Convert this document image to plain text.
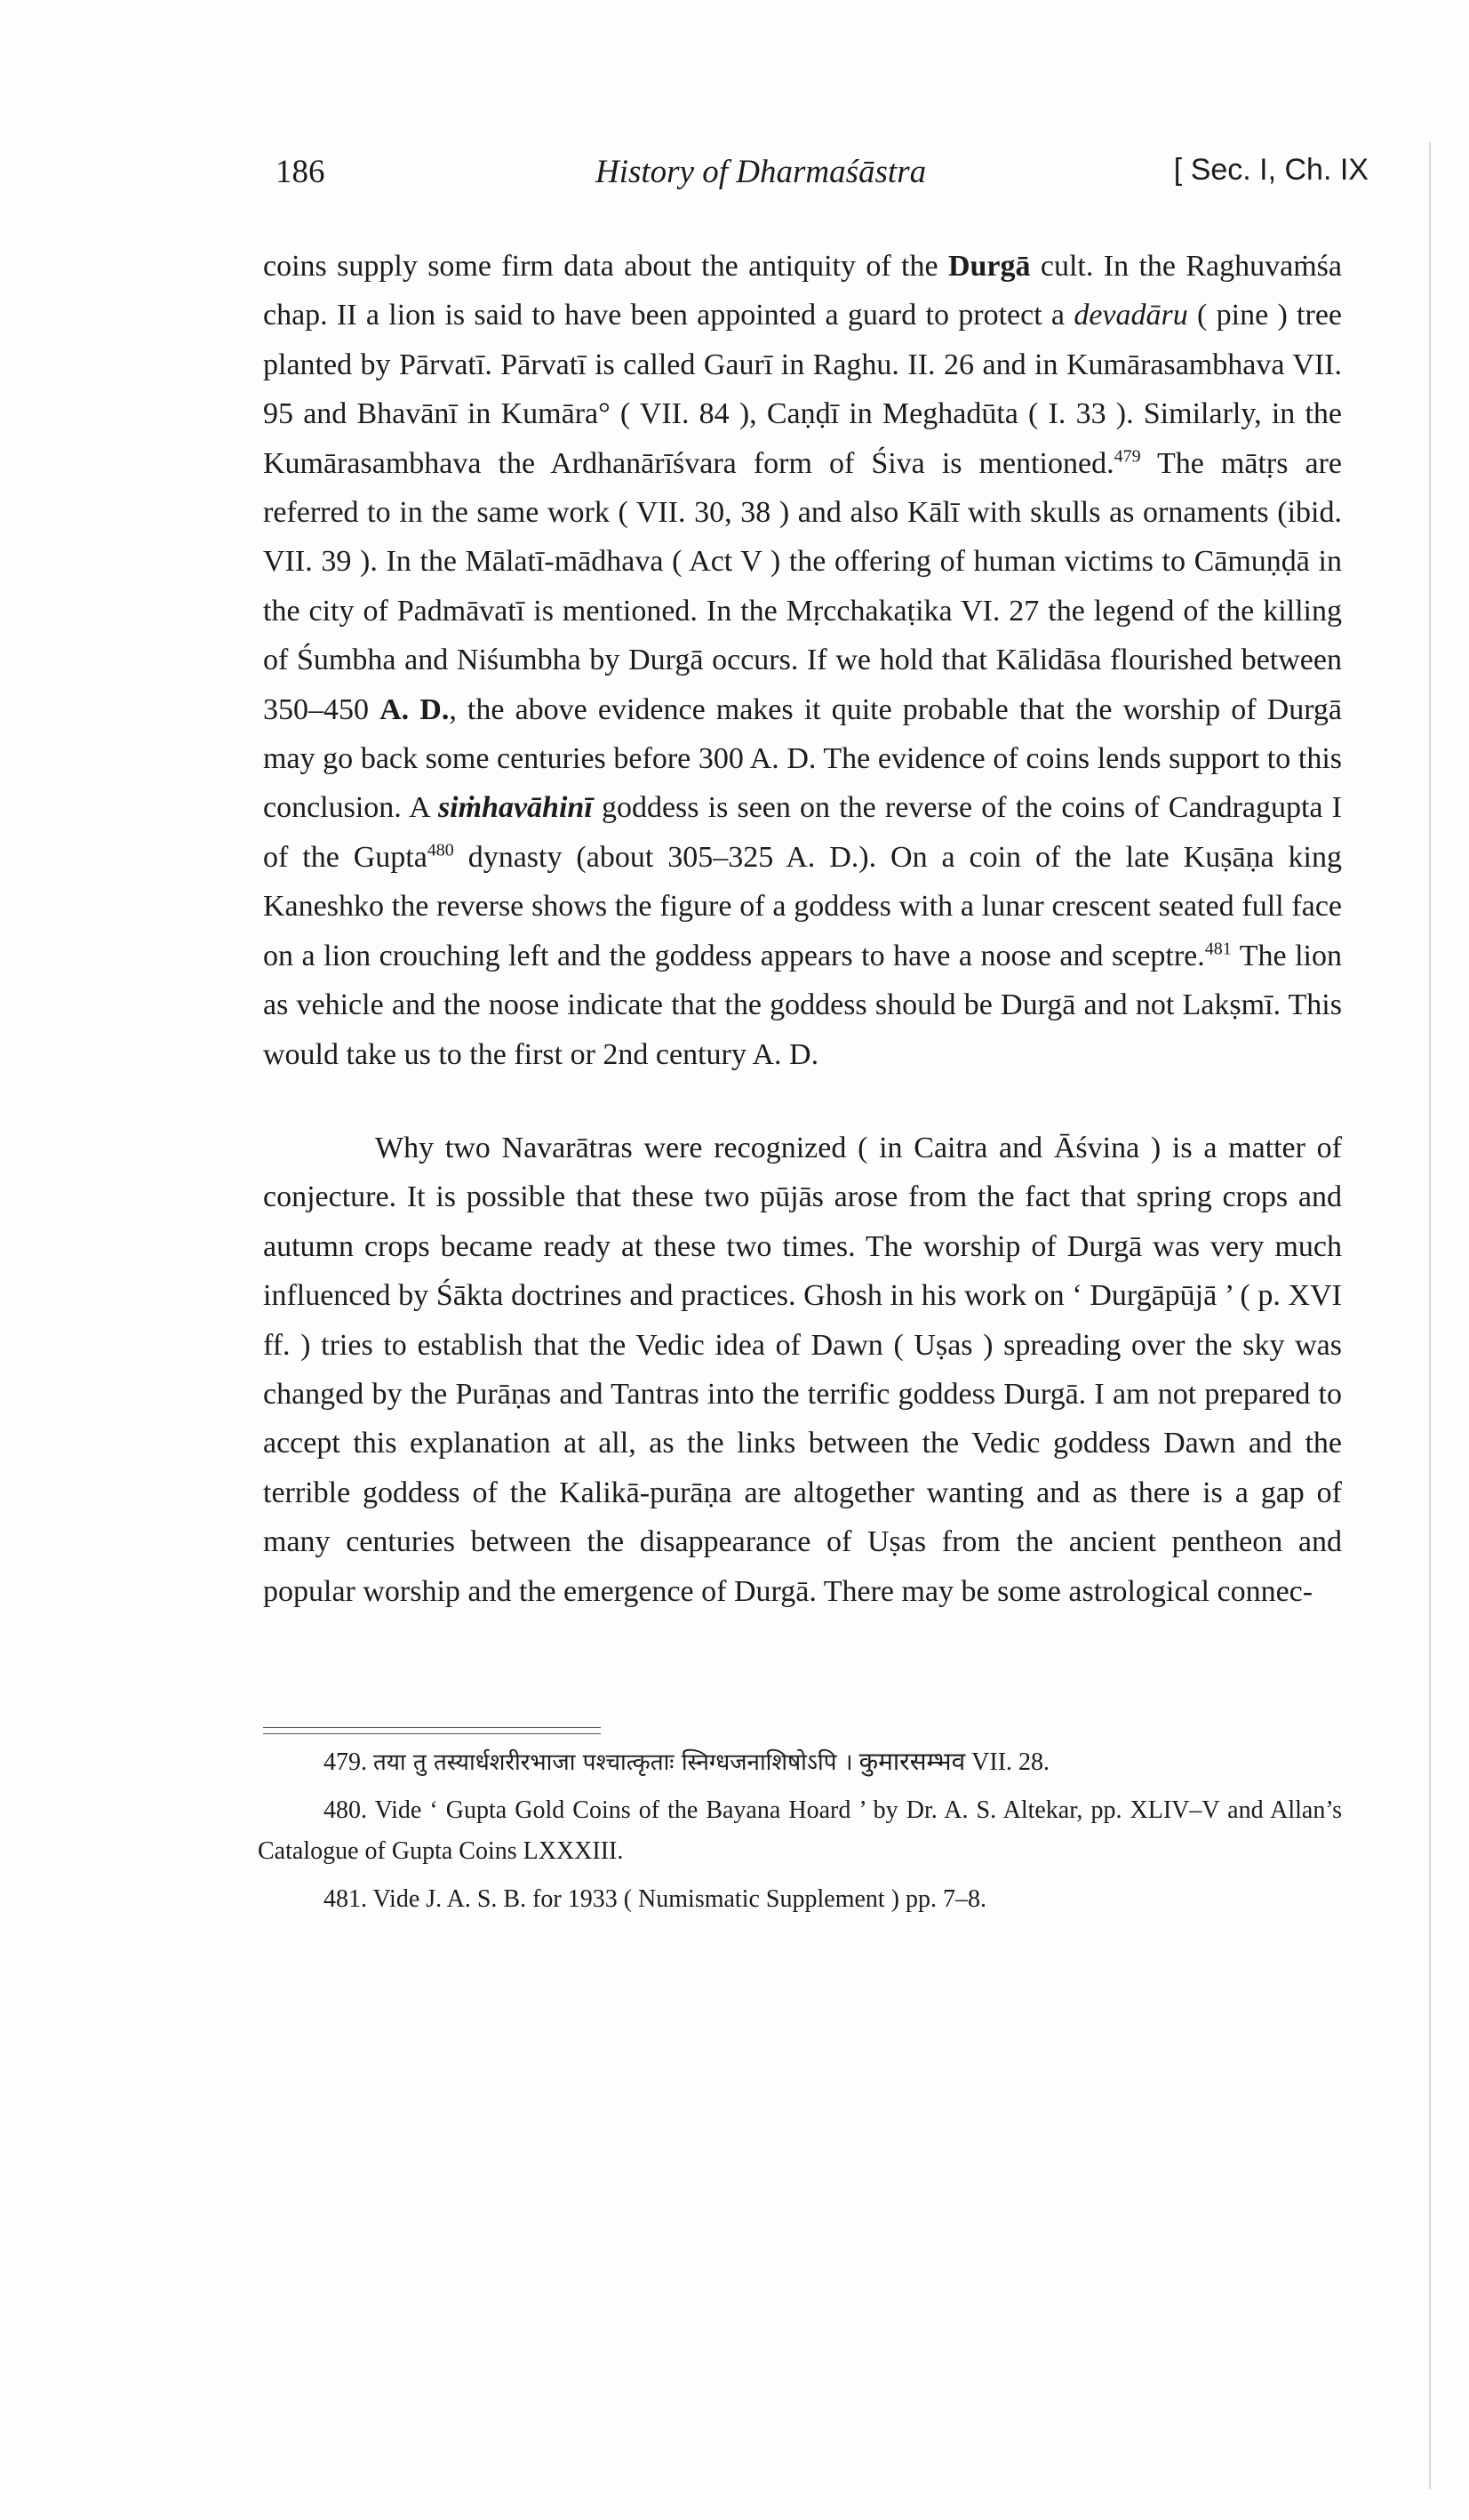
186	History of Dharmaśāstra	[ Sec. I, Ch. IX

coins supply some firm data about the antiquity of the Durgā cult. In the Raghuvaṁśa chap. II a lion is said to have been appointed a guard to protect a devadāru ( pine ) tree planted by Pārvatī. Pārvatī is called Gaurī in Raghu. II. 26 and in Kumārasambhava VII. 95 and Bhavānī in Kumāra° ( VII. 84 ), Caṇḍī in Meghadūta ( I. 33 ). Similarly, in the Kumārasambhava the Ardhanārīśvara form of Śiva is mentioned.$^{479}$ The mātṛs are referred to in the same work ( VII. 30, 38 ) and also Kālī with skulls as ornaments (ibid. VII. 39 ). In the Mālatī-mādhava ( Act V ) the offering of human victims to Cāmuṇḍā in the city of Padmāvatī is mentioned. In the Mṛcchakaṭika VI. 27 the legend of the killing of Śumbha and Niśumbha by Durgā occurs. If we hold that Kālidāsa flourished between 350–450 A. D., the above evidence makes it quite probable that the worship of Durgā may go back some centuries before 300 A. D. The evidence of coins lends support to this conclusion. A siṁhavāhinī goddess is seen on the reverse of the coins of Candragupta I of the Gupta$^{480}$ dynasty (about 305–325 A. D.). On a coin of the late Kuṣāṇa king Kaneshko the reverse shows the figure of a goddess with a lunar crescent seated full face on a lion crouching left and the goddess appears to have a noose and sceptre.$^{481}$ The lion as vehicle and the noose indicate that the goddess should be Durgā and not Lakṣmī. This would take us to the first or 2nd century A. D.

Why two Navarātras were recognized ( in Caitra and Āśvina ) is a matter of conjecture. It is possible that these two pūjās arose from the fact that spring crops and autumn crops became ready at these two times. The worship of Durgā was very much influenced by Śākta doctrines and practices. Ghosh in his work on ‘ Durgāpūjā ’ ( p. XVI ff. ) tries to establish that the Vedic idea of Dawn ( Uṣas ) spreading over the sky was changed by the Purāṇas and Tantras into the terrific goddess Durgā. I am not prepared to accept this explanation at all, as the links between the Vedic goddess Dawn and the terrible goddess of the Kalikā-purāṇa are altogether wanting and as there is a gap of many centuries between the disappearance of Uṣas from the ancient pentheon and popular worship and the emergence of Durgā. There may be some astrological connec-

479. तया तु तस्यार्धशरीरभाजा पश्चात्कृताः स्निग्धजनाशिषोऽपि । कुमारसम्भव VII. 28.

480. Vide ‘ Gupta Gold Coins of the Bayana Hoard ’ by Dr. A. S. Altekar, pp. XLIV–V and Allan’s Catalogue of Gupta Coins LXXXIII.

481. Vide J. A. S. B. for 1933 ( Numismatic Supplement ) pp. 7–8.
